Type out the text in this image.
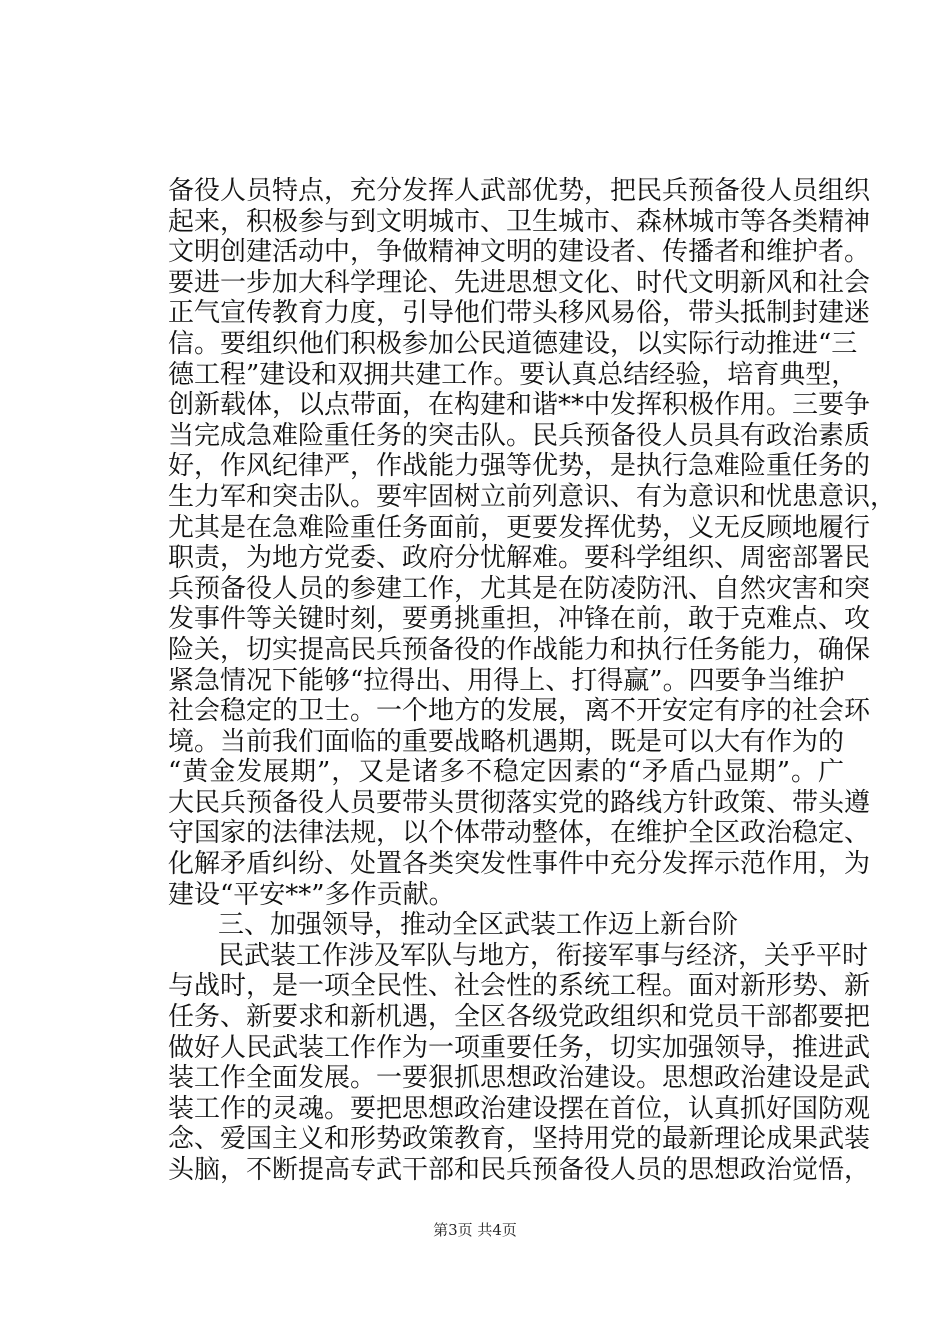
备役人员特点，充分发挥人武部优势，把民兵预备役人员组织
起来，积极参与到文明城市、卫生城市、森林城市等各类精神
文明创建活动中，争做精神文明的建设者、传播者和维护者。
要进一步加大科学理论、先进思想文化、时代文明新风和社会
正气宣传教育力度，引导他们带头移风易俗，带头抵制封建迷
信。要组织他们积极参加公民道德建设，以实际行动推进“三
德工程”建设和双拥共建工作。要认真总结经验，培育典型，
创新载体，以点带面，在构建和谐**中发挥积极作用。三要争
当完成急难险重任务的突击队。民兵预备役人员具有政治素质
好，作风纪律严，作战能力强等优势，是执行急难险重任务的
生力军和突击队。要牢固树立前列意识、有为意识和忧患意识，
尤其是在急难险重任务面前，更要发挥优势，义无反顾地履行
职责，为地方党委、政府分忧解难。要科学组织、周密部署民
兵预备役人员的参建工作，尤其是在防凌防汛、自然灾害和突
发事件等关键时刻，要勇挑重担，冲锋在前，敢于克难点、攻
险关，切实提高民兵预备役的作战能力和执行任务能力，确保
紧急情况下能够“拉得出、用得上、打得赢”。四要争当维护
社会稳定的卫士。一个地方的发展，离不开安定有序的社会环
境。当前我们面临的重要战略机遇期，既是可以大有作为的
“黄金发展期”，又是诸多不稳定因素的“矛盾凸显期”。广
大民兵预备役人员要带头贯彻落实党的路线方针政策、带头遵
守国家的法律法规，以个体带动整体，在维护全区政治稳定、
化解矛盾纠纷、处置各类突发性事件中充分发挥示范作用，为
建设“平安**”多作贡献。
三、加强领导，推动全区武装工作迈上新台阶
民武装工作涉及军队与地方，衔接军事与经济，关乎平时
与战时，是一项全民性、社会性的系统工程。面对新形势、新
任务、新要求和新机遇，全区各级党政组织和党员干部都要把
做好人民武装工作作为一项重要任务，切实加强领导，推进武
装工作全面发展。一要狠抓思想政治建设。思想政治建设是武
装工作的灵魂。要把思想政治建设摆在首位，认真抓好国防观
念、爱国主义和形势政策教育，坚持用党的最新理论成果武装
头脑，不断提高专武干部和民兵预备役人员的思想政治觉悟，
第3页 共4页
